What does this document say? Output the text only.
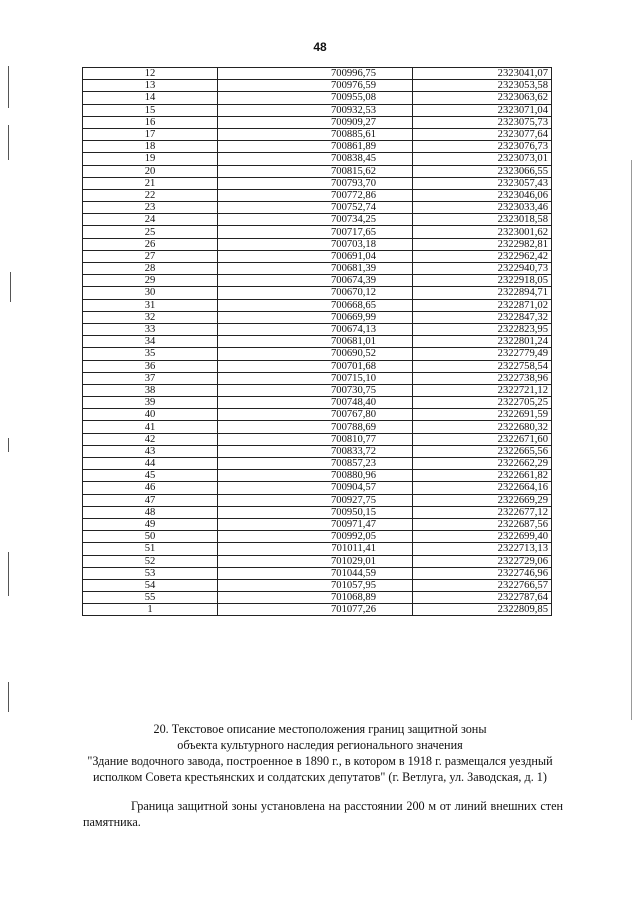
48
12	700996,75	2323041,07
13	700976,59	2323053,58
14	700955,08	2323063,62
15	700932,53	2323071,04
16	700909,27	2323075,73
17	700885,61	2323077,64
18	700861,89	2323076,73
19	700838,45	2323073,01
20	700815,62	2323066,55
21	700793,70	2323057,43
22	700772,86	2323046,06
23	700752,74	2323033,46
24	700734,25	2323018,58
25	700717,65	2323001,62
26	700703,18	2322982,81
27	700691,04	2322962,42
28	700681,39	2322940,73
29	700674,39	2322918,05
30	700670,12	2322894,71
31	700668,65	2322871,02
32	700669,99	2322847,32
33	700674,13	2322823,95
34	700681,01	2322801,24
35	700690,52	2322779,49
36	700701,68	2322758,54
37	700715,10	2322738,96
38	700730,75	2322721,12
39	700748,40	2322705,25
40	700767,80	2322691,59
41	700788,69	2322680,32
42	700810,77	2322671,60
43	700833,72	2322665,56
44	700857,23	2322662,29
45	700880,96	2322661,82
46	700904,57	2322664,16
47	700927,75	2322669,29
48	700950,15	2322677,12
49	700971,47	2322687,56
50	700992,05	2322699,40
51	701011,41	2322713,13
52	701029,01	2322729,06
53	701044,59	2322746,96
54	701057,95	2322766,57
55	701068,89	2322787,64
1	701077,26	2322809,85
20. Текстовое описание местоположения границ защитной зоны
объекта культурного наследия регионального значения
"Здание водочного завода, построенное в 1890 г., в котором в 1918 г. размещался уездный
исполком Совета крестьянских и солдатских депутатов" (г. Ветлуга, ул. Заводская, д. 1)
Граница защитной зоны установлена на расстоянии 200 м от линий внешних стен памятника.
